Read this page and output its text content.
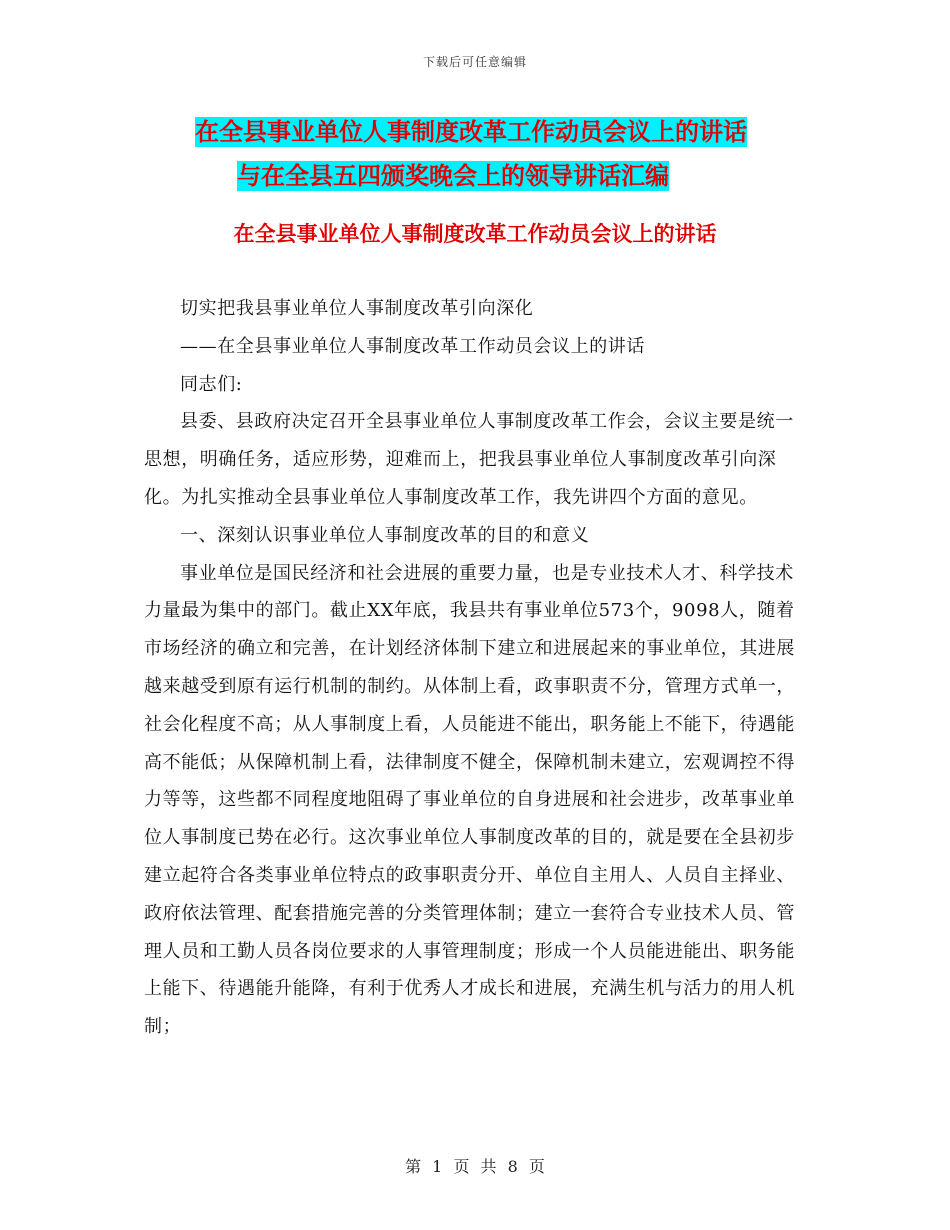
下载后可任意编辑
在全县事业单位人事制度改革工作动员会议上的讲话
与在全县五四颁奖晚会上的领导讲话汇编
在全县事业单位人事制度改革工作动员会议上的讲话

切实把我县事业单位人事制度改革引向深化

——在全县事业单位人事制度改革工作动员会议上的讲话

同志们:

县委、县政府决定召开全县事业单位人事制度改革工作会，会议主要是统一思想，明确任务，适应形势，迎难而上，把我县事业单位人事制度改革引向深化。为扎实推动全县事业单位人事制度改革工作，我先讲四个方面的意见。

一、深刻认识事业单位人事制度改革的目的和意义

事业单位是国民经济和社会进展的重要力量，也是专业技术人才、科学技术力量最为集中的部门。截止XX年底，我县共有事业单位573个，9098人，随着市场经济的确立和完善，在计划经济体制下建立和进展起来的事业单位，其进展越来越受到原有运行机制的制约。从体制上看，政事职责不分，管理方式单一，社会化程度不高；从人事制度上看，人员能进不能出，职务能上不能下，待遇能高不能低；从保障机制上看，法律制度不健全，保障机制未建立，宏观调控不得力等等，这些都不同程度地阻碍了事业单位的自身进展和社会进步，改革事业单位人事制度已势在必行。这次事业单位人事制度改革的目的，就是要在全县初步建立起符合各类事业单位特点的政事职责分开、单位自主用人、人员自主择业、政府依法管理、配套措施完善的分类管理体制；建立一套符合专业技术人员、管理人员和工勤人员各岗位要求的人事管理制度；形成一个人员能进能出、职务能上能下、待遇能升能降，有利于优秀人才成长和进展，充满生机与活力的用人机制；

第 1 页 共 8 页
